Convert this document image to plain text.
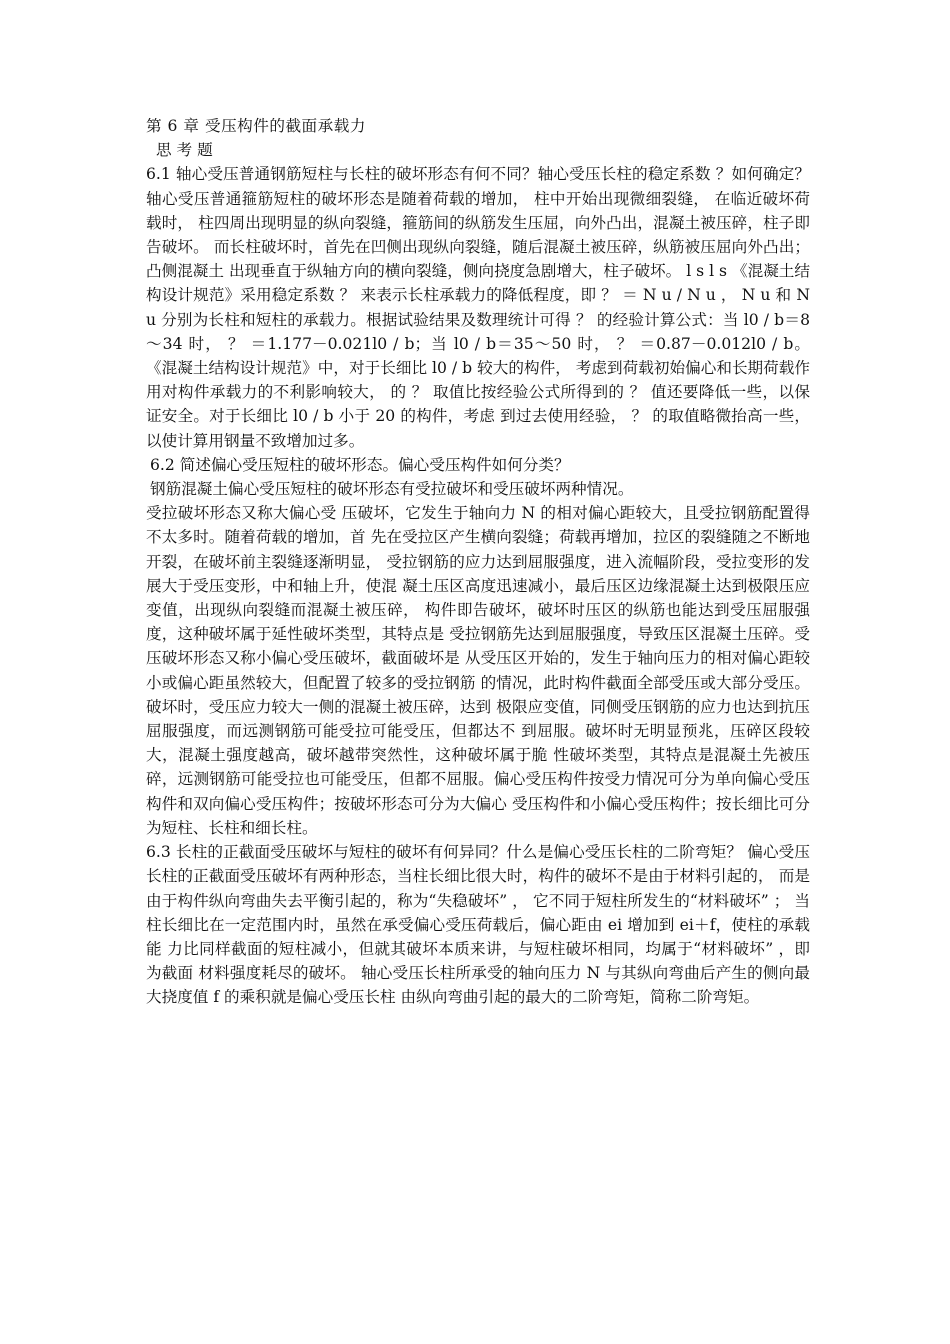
第 6 章 受压构件的截面承载力

思 考 题

6.1 轴心受压普通钢筋短柱与长柱的破坏形态有何不同？轴心受压长柱的稳定系数 ？如何确定？ 轴心受压普通箍筋短柱的破坏形态是随着荷载的增加， 柱中开始出现微细裂缝， 在临近破坏荷载时， 柱四周出现明显的纵向裂缝，箍筋间的纵筋发生压屈，向外凸出，混凝土被压碎，柱子即告破坏。 而长柱破坏时，首先在凹侧出现纵向裂缝，随后混凝土被压碎，纵筋被压屈向外凸出；凸侧混凝土 出现垂直于纵轴方向的横向裂缝，侧向挠度急剧增大，柱子破坏。 l s l s 《混凝土结构设计规范》采用稳定系数 ？ 来表示长柱承载力的降低程度，即 ？ ＝ N u / N u ， N u 和 N u 分别为长柱和短柱的承载力。根据试验结果及数理统计可得 ？ 的经验计算公式：当 l0 / b＝8～34 时， ？ ＝1.177－0.021l0 / b；当 l0 / b＝35～50 时， ？ ＝0.87－0.012l0 / b。 《混凝土结构设计规范》中，对于长细比 l0 / b 较大的构件， 考虑到荷载初始偏心和长期荷载作用对构件承载力的不利影响较大， 的 ？ 取值比按经验公式所得到的 ？ 值还要降低一些，以保证安全。对于长细比 l0 / b 小于 20 的构件，考虑 到过去使用经验， ？ 的取值略微抬高一些，以使计算用钢量不致增加过多。

6.2 简述偏心受压短柱的破坏形态。偏心受压构件如何分类？

钢筋混凝土偏心受压短柱的破坏形态有受拉破坏和受压破坏两种情况。

受拉破坏形态又称大偏心受 压破坏，它发生于轴向力 N 的相对偏心距较大，且受拉钢筋配置得不太多时。随着荷载的增加，首 先在受拉区产生横向裂缝；荷载再增加，拉区的裂缝随之不断地开裂，在破坏前主裂缝逐渐明显， 受拉钢筋的应力达到屈服强度，进入流幅阶段，受拉变形的发展大于受压变形，中和轴上升，使混 凝土压区高度迅速减小，最后压区边缘混凝土达到极限压应变值，出现纵向裂缝而混凝土被压碎， 构件即告破坏，破坏时压区的纵筋也能达到受压屈服强度，这种破坏属于延性破坏类型，其特点是 受拉钢筋先达到屈服强度，导致压区混凝土压碎。受压破坏形态又称小偏心受压破坏，截面破坏是 从受压区开始的，发生于轴向压力的相对偏心距较小或偏心距虽然较大，但配置了较多的受拉钢筋 的情况，此时构件截面全部受压或大部分受压。破坏时，受压应力较大一侧的混凝土被压碎，达到 极限应变值，同侧受压钢筋的应力也达到抗压屈服强度，而远测钢筋可能受拉可能受压，但都达不 到屈服。破坏时无明显预兆，压碎区段较大，混凝土强度越高，破坏越带突然性，这种破坏属于脆 性破坏类型，其特点是混凝土先被压碎，远测钢筋可能受拉也可能受压，但都不屈服。偏心受压构件按受力情况可分为单向偏心受压构件和双向偏心受压构件；按破坏形态可分为大偏心 受压构件和小偏心受压构件；按长细比可分为短柱、长柱和细长柱。

6.3 长柱的正截面受压破坏与短柱的破坏有何异同？什么是偏心受压长柱的二阶弯矩？ 偏心受压长柱的正截面受压破坏有两种形态，当柱长细比很大时，构件的破坏不是由于材料引起的， 而是由于构件纵向弯曲失去平衡引起的，称为“失稳破坏” ， 它不同于短柱所发生的“材料破坏” ； 当柱长细比在一定范围内时，虽然在承受偏心受压荷载后，偏心距由 ei 增加到 ei＋f，使柱的承载能 力比同样截面的短柱减小，但就其破坏本质来讲，与短柱破坏相同，均属于“材料破坏” ，即为截面 材料强度耗尽的破坏。 轴心受压长柱所承受的轴向压力 N 与其纵向弯曲后产生的侧向最大挠度值 f 的乘积就是偏心受压长柱 由纵向弯曲引起的最大的二阶弯矩，简称二阶弯矩。
